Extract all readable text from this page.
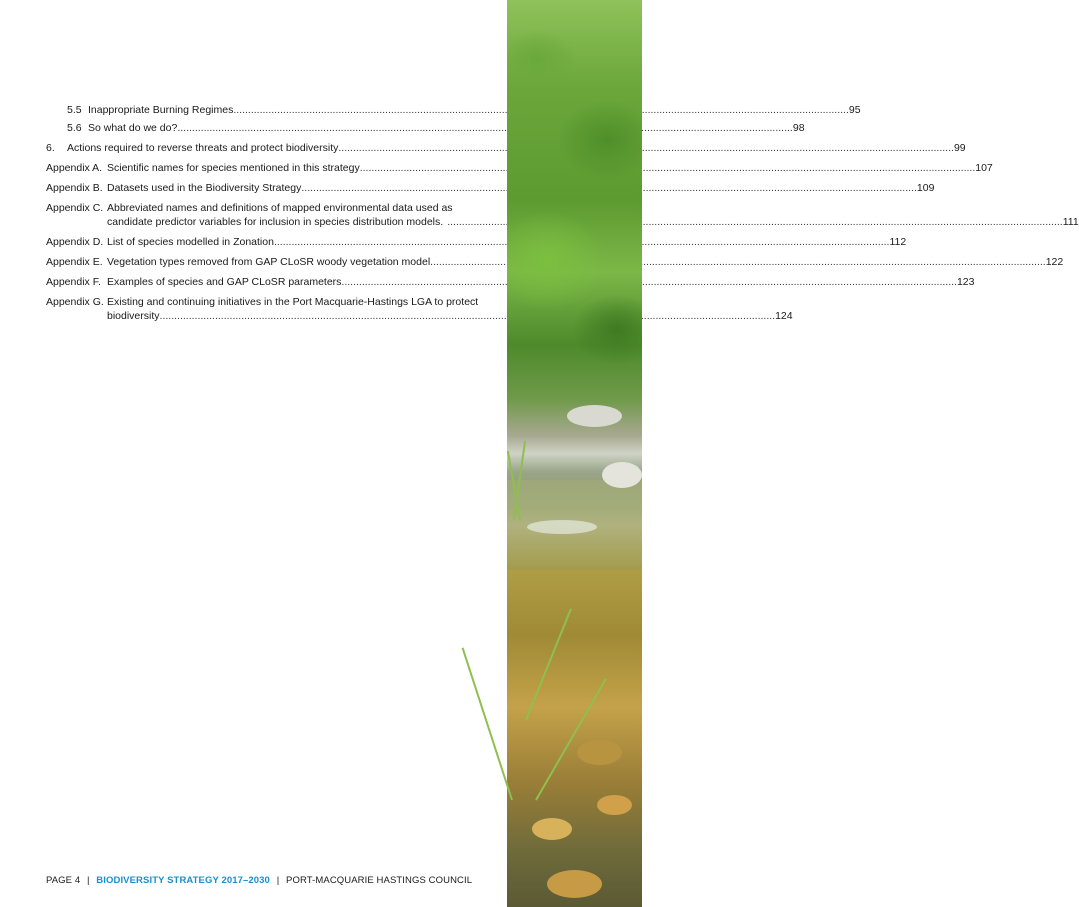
5.5 Inappropriate Burning Regimes .....	95
5.6 So what do we do? .....	98
6.	Actions required to reverse threats and protect biodiversity .....	99
Appendix A. Scientific names for species mentioned in this strategy .....	107
Appendix B. Datasets used in the Biodiversity Strategy .....	109
Appendix C. Abbreviated names and definitions of mapped environmental data used as
candidate predictor variables for inclusion in species distribution models. .....	111
Appendix D. List of species modelled in Zonation .....	112
Appendix E. Vegetation types removed from GAP CLoSR woody vegetation model .....	122
Appendix F. Examples of species and GAP CLoSR parameters .....	123
Appendix G. Existing and continuing initiatives in the Port Macquarie-Hastings LGA to protect
biodiversity .....	124
PAGE 4 | BIODIVERSITY STRATEGY 2017–2030 | PORT-MACQUARIE HASTINGS COUNCIL
